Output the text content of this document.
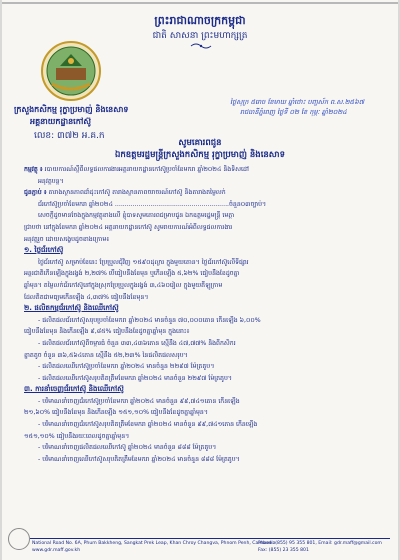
ព្រះរាជាណាចក្រកម្ពុជា
ជាតិ សាសនា ព្រះមហាក្សត្រ
ក្រសួងកសិកម្ម រុក្ខាប្រមាញ់ និងនេសាទ
អគ្គនាយកដ្ឋានកៅស៊ូ
លេខ: ៣៧២ អ.គ.ក
ថ្ងៃសុក្រ ៥រោច ខែមាឃ ឆ្នាំថោះ បញ្ចស័ក ព.ស.២៥៦៧
រាជធានីភ្នំពេញ ថ្ងៃទី ០២ ខែ កុម្ភៈ ឆ្នាំ២០២៤
សូមគោរពជូន
ឯកឧត្តមរដ្ឋមន្ត្រីក្រសួងកសិកម្ម រុក្ខាប្រមាញ់ និងនេសាទ
កម្មវត្ថុ ៖ របាយការណ៍ស្តីពីលទ្ធផលការងារអគ្គនាយកដ្ឋានកៅស៊ូប្រចាំខែមករា ឆ្នាំ២០២៤ និងទិសដៅ
អនុវត្តបន្ត។
ជូនភ្ជាប់ ៖ តារាងស្ថានភាពដាំដុះកៅស៊ូ តារាងស្ថានភាពចរាចរណ៍កៅស៊ូ និងតារាងតម្លៃលក់
ជ័រកៅស៊ូប្រចាំខែមករា ឆ្នាំ២០២៤ ..........................................................ចំនួន០៣ច្បាប់។
សេចក្តីដូចមានចែងក្នុងកម្មវត្ថុខាងលើ ខ្ញុំបាទសូមគោរពជម្រាបជូន ឯកឧត្តមរដ្ឋមន្ត្រី មេត្តា
ជ្រាបថា នៅក្នុងខែមករា ឆ្នាំ២០២៤ អគ្គនាយកដ្ឋានកៅស៊ូ សូមរាយការណ៍អំពីលទ្ធផលការងារ
អនុវត្តរួច ដោយសង្ខេបដូចខាងក្រោម៖
១. ថ្លៃជ័រកៅស៊ូ
ថ្លៃជ័រកៅស៊ូ សម្រាប់ខែនេះ ប្រែប្រួលជុំវិញ ១៥៩០ដុល្លារ ក្នុងមួយតោន។ ថ្លៃជ័រកៅស៊ូលើទីផ្សារ
អន្តរជាតិកើនឡើងក្នុងរង្វង់ ២,២៧% បើធៀបនឹងខែមុន ឬកើនឡើង ៥,៦២% ធៀបនឹងខែដូចគ្នា
ឆ្នាំមុន។ តម្លៃលក់ជ័រកៅស៊ូនៅក្នុងស្រុកប្រែប្រួលក្នុងរង្វង់ ៣,៤៦០រៀល ក្នុងមួយគីឡូក្រាម
ដែលគិតជាមធ្យមកើនឡើង ៤,៣៧% ធៀបនឹងខែមុន។
២. ផលិតកម្មជ័រកៅស៊ូ និងឈើកៅស៊ូ
- ផលិតផលជ័រកៅស៊ូសរុបប្រចាំខែមករា ឆ្នាំ២០២៤ មានចំនួន ៧០,០០០តោន កើនឡើង ៦,០០%
ធៀបនឹងខែមុន និងកើនឡើង ៩,៨៥% ធៀបនឹងខែដូចគ្នាឆ្នាំមុន ក្នុងនោះ៖
- ផលិតផលជ័រកៅស៊ូពីចម្ការធំ ចំនួន ៣៣,៤៣៦តោន ស្មើនឹង ៤៧,៧៧% និងពីកសិករ
ខ្នាតតូច ចំនួន ៣៦,៥៦៤តោន ស្មើនឹង ៥២,២៣% នៃផលិតផលសរុប។
- ផលិតផលឈើកៅស៊ូប្រចាំខែមករា ឆ្នាំ២០២៤ មានចំនួន ២២៩៧ ម៉ែត្រគូប។
- ផលិតផលឈើកៅស៊ូសរុបគិតត្រឹមខែមករា ឆ្នាំ២០២៤ មានចំនួន ២២៩៧ ម៉ែត្រគូប។
៣. ការនាំចេញជ័រកៅស៊ូ និងឈើកៅស៊ូ
- បរិមាណនាំចេញជ័រកៅស៊ូប្រចាំខែមករា ឆ្នាំ២០២៤ មានចំនួន ៩៩,៧៤១តោន កើនឡើង
២១,៦០% ធៀបនឹងខែមុន និងកើនឡើង ១៥១,១០% ធៀបនឹងខែដូចគ្នាឆ្នាំមុន។
- បរិមាណនាំចេញជ័រកៅស៊ូសរុបគិតត្រឹមខែមករា ឆ្នាំ២០២៤ មានចំនួន ៩៩,៧៤១តោន កើនឡើង
១៥១,១០% ធៀបនឹងរយៈពេលដូចគ្នាឆ្នាំមុន។
- បរិមាណនាំចេញផលិតផលឈើកៅស៊ូ ឆ្នាំ២០២៤ មានចំនួន ៨៨៨ ម៉ែត្រគូប។
- បរិមាណនាំចេញឈើកៅស៊ូសរុបគិតត្រឹមខែមករា ឆ្នាំ២០២៤ មានចំនួន ៨៨៨ ម៉ែត្រគូប។
National Road No. 6A, Phum Bakkheng, Sangkat Prek Leap, Khan Chroy Changva, Phnom Penh, Cambodia
www.gdr.maff.gov.kh
Phone: (855) 95 355 801, Email: gdr.maff@gmail.com
Fax: (855) 23 355 801
